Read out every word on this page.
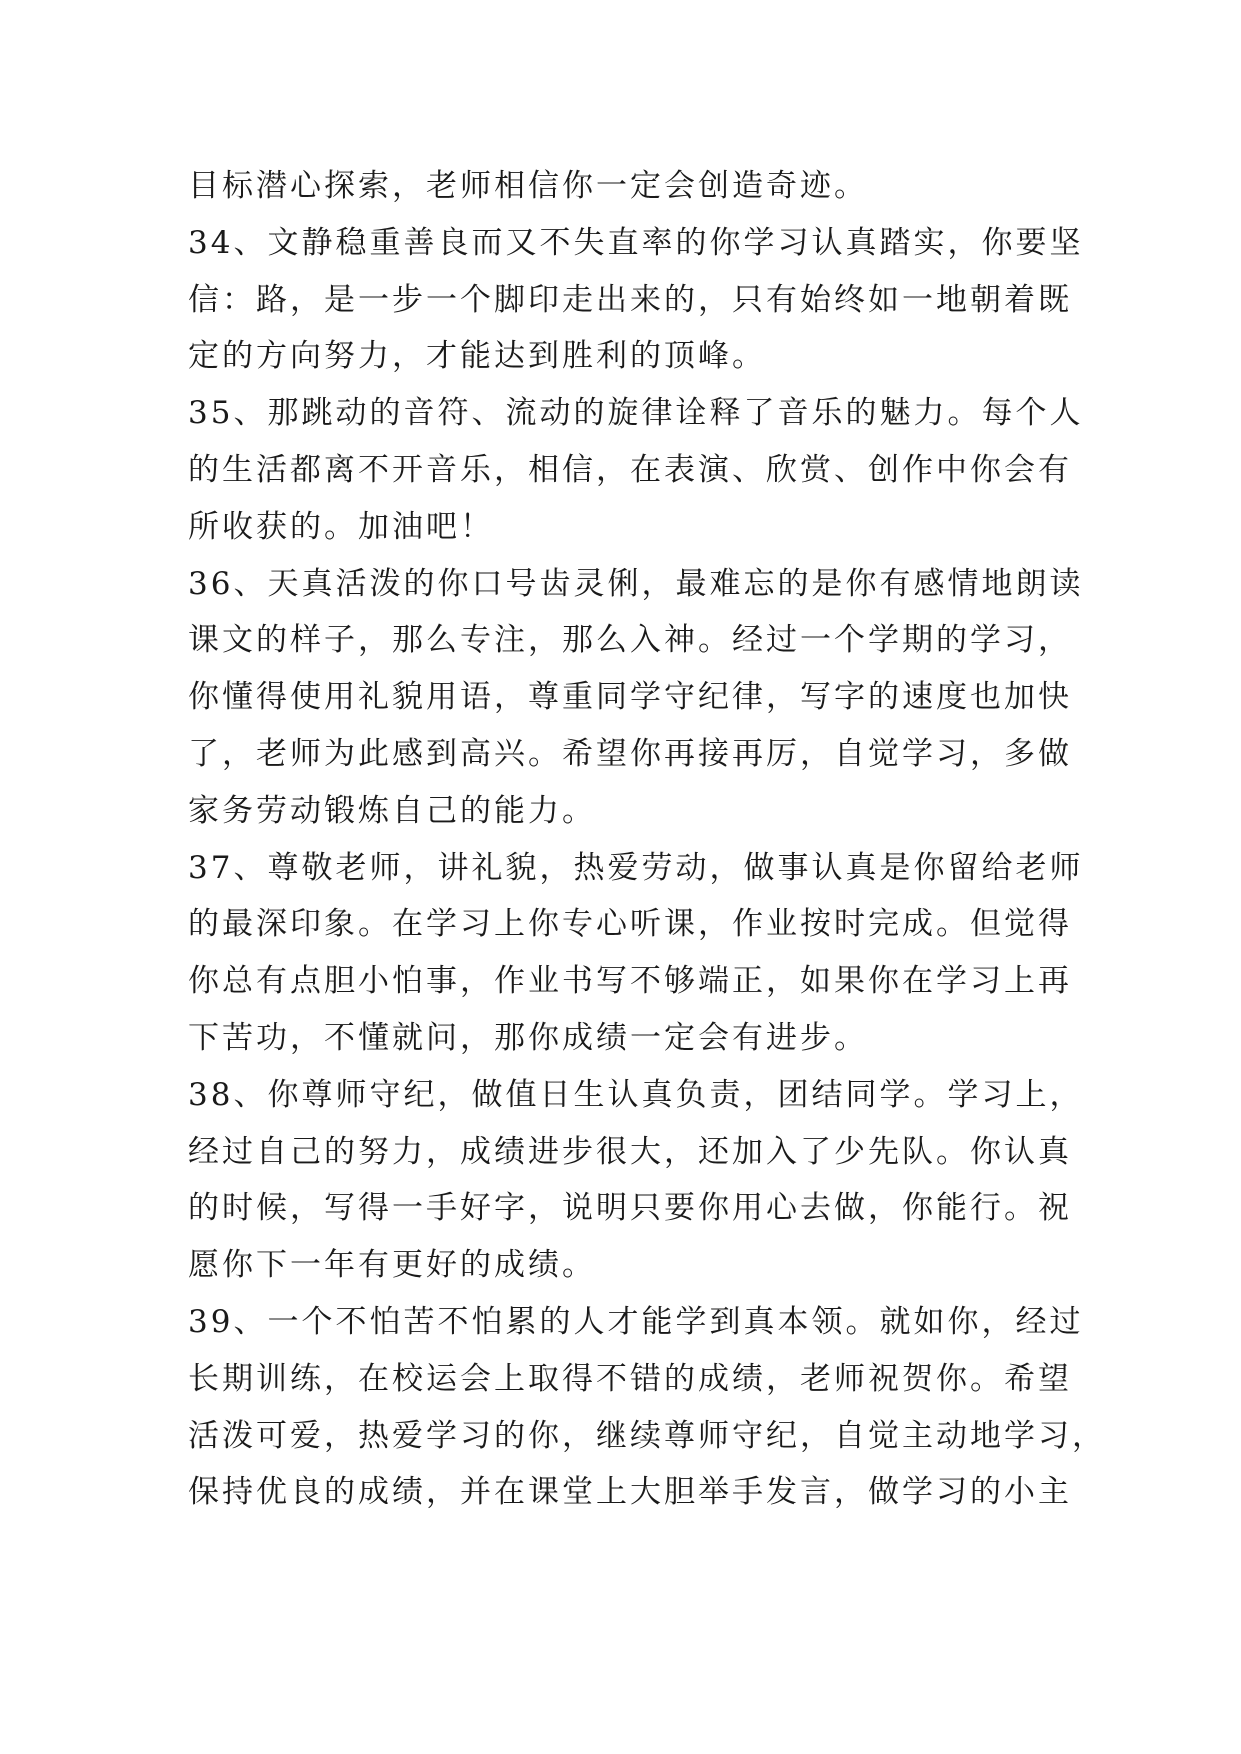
目标潜心探索，老师相信你一定会创造奇迹。
34、文静稳重善良而又不失直率的你学习认真踏实，你要坚
信：路，是一步一个脚印走出来的，只有始终如一地朝着既
定的方向努力，才能达到胜利的顶峰。
35、那跳动的音符、流动的旋律诠释了音乐的魅力。每个人
的生活都离不开音乐，相信，在表演、欣赏、创作中你会有
所收获的。加油吧！
36、天真活泼的你口号齿灵俐，最难忘的是你有感情地朗读
课文的样子，那么专注，那么入神。经过一个学期的学习，
你懂得使用礼貌用语，尊重同学守纪律，写字的速度也加快
了，老师为此感到高兴。希望你再接再厉，自觉学习，多做
家务劳动锻炼自己的能力。
37、尊敬老师，讲礼貌，热爱劳动，做事认真是你留给老师
的最深印象。在学习上你专心听课，作业按时完成。但觉得
你总有点胆小怕事，作业书写不够端正，如果你在学习上再
下苦功，不懂就问，那你成绩一定会有进步。
38、你尊师守纪，做值日生认真负责，团结同学。学习上，
经过自己的努力，成绩进步很大，还加入了少先队。你认真
的时候，写得一手好字，说明只要你用心去做，你能行。祝
愿你下一年有更好的成绩。
39、一个不怕苦不怕累的人才能学到真本领。就如你，经过
长期训练，在校运会上取得不错的成绩，老师祝贺你。希望
活泼可爱，热爱学习的你，继续尊师守纪，自觉主动地学习，
保持优良的成绩，并在课堂上大胆举手发言，做学习的小主
